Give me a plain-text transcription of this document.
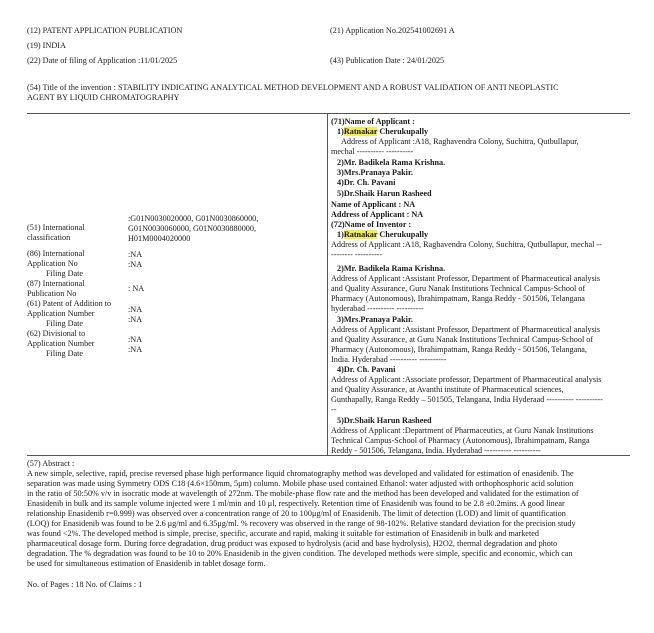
(12) PATENT APPLICATION PUBLICATION
(19) INDIA
(22) Date of filing of Application :11/01/2025
(21) Application No.202541002691 A
(43) Publication Date : 24/01/2025
(54) Title of the invention : STABILITY INDICATING ANALYTICAL METHOD DEVELOPMENT AND A ROBUST VALIDATION OF ANTI NEOPLASTIC
AGENT BY LIQUID CHROMATOGRAPHY
(51) International
classification
:G01N0030020000, G01N0030860000,
G01N0030060000, G01N0030880000,
H01M0004020000
(86) International
Application No
Filing Date
:NA
:NA
(87) International
Publication No
: NA
(61) Patent of Addition to
Application Number
Filing Date
:NA
:NA
(62) Divisional to
Application Number
Filing Date
:NA
:NA
(71)Name of Applicant :
1)Ratnakar Cherukupally
Address of Applicant :A18, Raghavendra Colony, Suchitra, Qutbullapur,
mechal ---------- ----------
2)Mr. Badikela Rama Krishna.
3)Mrs.Pranaya Pakir.
4)Dr. Ch. Pavani
5)Dr.Shaik Harun Rasheed
Name of Applicant : NA
Address of Applicant : NA
(72)Name of Inventor :
1)Ratnakar Cherukupally
Address of Applicant :A18, Raghavendra Colony, Suchitra, Qutbullapur, mechal --
-------- ----------
2)Mr. Badikela Rama Krishna.
Address of Applicant :Assistant Professor, Department of Pharmaceutical analysis
and Quality Assurance, Guru Nanak Institutions Technical Campus-School of
Pharmacy (Autonomous), Ibrahimpatnam, Ranga Reddy - 501506, Telangana
hyderabad ---------- ----------
3)Mrs.Pranaya Pakir.
Address of Applicant :Assistant Professor, Department of Pharmaceutical analysis
and Quality Assurance, at Guru Nanak Institutions Technical Campus-School of
Pharmacy (Autonomous), Ibrahimpatnam, Ranga Reddy - 501506, Telangana,
India. Hyderabad ---------- ----------
4)Dr. Ch. Pavani
Address of Applicant :Associate professor, Department of Pharmaceutical analysis
and Quality Assurance, at Avanthi institute of Pharmaceutical sciences,
Gunthapally, Ranga Reddy – 501505, Telangana, India Hyderaad ---------- ----------
--
5)Dr.Shaik Harun Rasheed
Address of Applicant :Department of Pharmaceutics, at Guru Nanak Institutions
Technical Campus-School of Pharmacy (Autonomous), Ibrahimpatnam, Ranga
Reddy - 501506, Telangana, India. Hyderabad ---------- ----------
(57) Abstract :
A new simple, selective, rapid, precise reversed phase high performance liquid chromatography method was developed and validated for estimation of enasidenib. The
separation was made using Symmetry ODS C18 (4.6×150mm, 5μm) column. Mobile phase used contained Ethanol: water adjusted with orthophosphoric acid solution
in the ratio of 50:50% v/v in isocratic mode at wavelength of 272nm. The mobile-phase flow rate and the method has been developed and validated for the estimation of
Enasidenib in bulk and its sample volume injected were 1 ml/min and 10 μl, respectively. Retention time of Enasidenib was found to be 2.8 ±0.2mins. A good linear
relationship Enasidenib r=0.999) was observed over a concentration range of 20 to 100μg/ml of Enasidenib. The limit of detection (LOD) and limit of quantification
(LOQ) for Enasidenib was found to be 2.6 μg/ml and 6.35μg/ml. % recovery was observed in the range of 98-102%. Relative standard deviation for the precision study
was found <2%. The developed method is simple, precise, specific, accurate and rapid, making it suitable for estimation of Enasidenib in bulk and marketed
pharmaceutical dosage form. During force degradation, drug product was exposed to hydrolysis (acid and base hydrolysis), H2O2, thermal degradation and photo
degradation. The % degradation was found to be 10 to 20% Enasidenib in the given condition. The developed methods were simple, specific and economic, which can
be used for simultaneous estimation of Enasidenib in tablet dosage form.
No. of Pages : 18 No. of Claims : 1
